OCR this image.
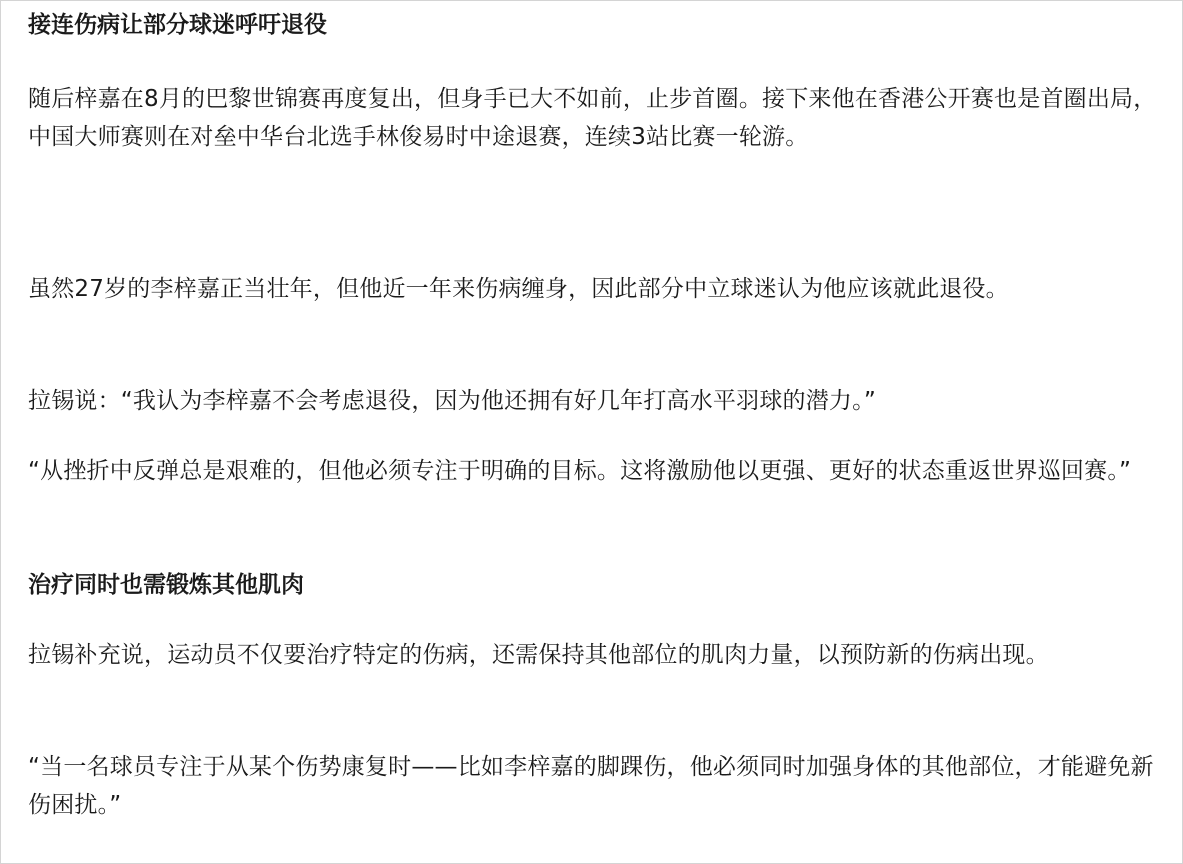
接连伤病让部分球迷呼吁退役
随后梓嘉在8月的巴黎世锦赛再度复出，但身手已大不如前，止步首圈。接下来他在香港公开赛也是首圈出局，中国大师赛则在对垒中华台北选手林俊易时中途退赛，连续3站比赛一轮游。
虽然27岁的李梓嘉正当壮年，但他近一年来伤病缠身，因此部分中立球迷认为他应该就此退役。
拉锡说：“我认为李梓嘉不会考虑退役，因为他还拥有好几年打高水平羽球的潜力。”
“从挫折中反弹总是艰难的，但他必须专注于明确的目标。这将激励他以更强、更好的状态重返世界巡回赛。”
治疗同时也需锻炼其他肌肉
拉锡补充说，运动员不仅要治疗特定的伤病，还需保持其他部位的肌肉力量，以预防新的伤病出现。
“当一名球员专注于从某个伤势康复时——比如李梓嘉的脚踝伤，他必须同时加强身体的其他部位，才能避免新伤困扰。”
